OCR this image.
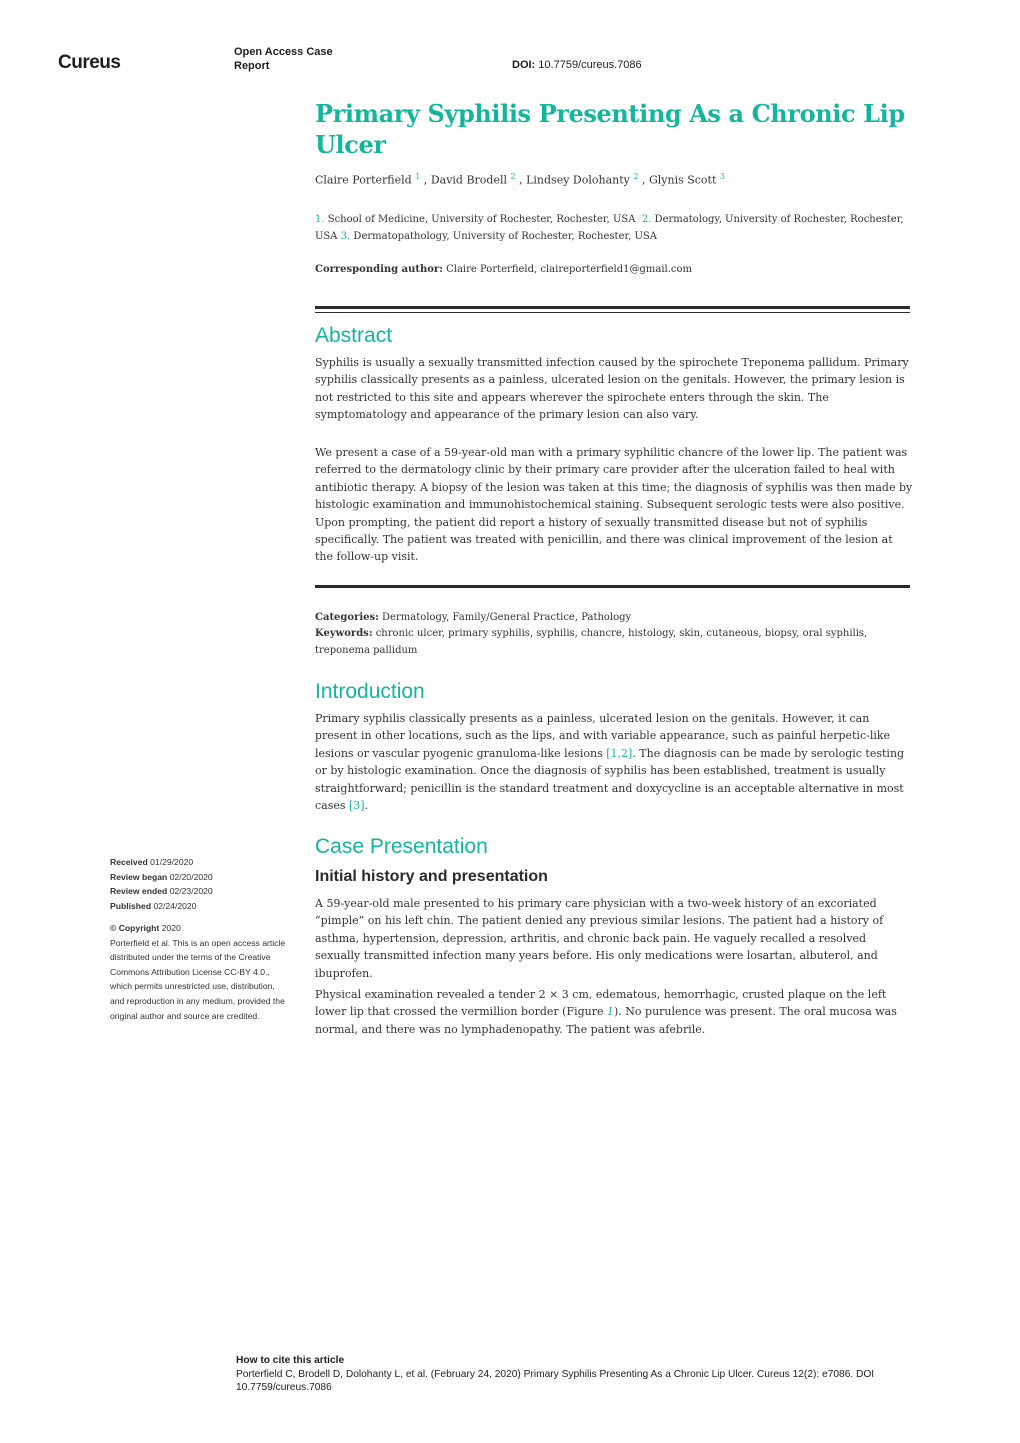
Cureus	Open Access Case
Report	DOI: 10.7759/cureus.7086
Primary Syphilis Presenting As a Chronic Lip Ulcer
Claire Porterfield $^1$ , David Brodell $^2$ , Lindsey Dolohanty $^2$ , Glynis Scott $^3$
1. School of Medicine, University of Rochester, Rochester, USA 2. Dermatology, University of Rochester, Rochester, USA 3. Dermatopathology, University of Rochester, Rochester, USA
Corresponding author: Claire Porterfield, claireporterfield1@gmail.com
Abstract
Syphilis is usually a sexually transmitted infection caused by the spirochete Treponema pallidum. Primary syphilis classically presents as a painless, ulcerated lesion on the genitals. However, the primary lesion is not restricted to this site and appears wherever the spirochete enters through the skin. The symptomatology and appearance of the primary lesion can also vary.
We present a case of a 59-year-old man with a primary syphilitic chancre of the lower lip. The patient was referred to the dermatology clinic by their primary care provider after the ulceration failed to heal with antibiotic therapy. A biopsy of the lesion was taken at this time; the diagnosis of syphilis was then made by histologic examination and immunohistochemical staining. Subsequent serologic tests were also positive. Upon prompting, the patient did report a history of sexually transmitted disease but not of syphilis specifically. The patient was treated with penicillin, and there was clinical improvement of the lesion at the follow-up visit.
Categories: Dermatology, Family/General Practice, Pathology
Keywords: chronic ulcer, primary syphilis, syphilis, chancre, histology, skin, cutaneous, biopsy, oral syphilis, treponema pallidum
Introduction
Primary syphilis classically presents as a painless, ulcerated lesion on the genitals. However, it can present in other locations, such as the lips, and with variable appearance, such as painful herpetic-like lesions or vascular pyogenic granuloma-like lesions [1,2]. The diagnosis can be made by serologic testing or by histologic examination. Once the diagnosis of syphilis has been established, treatment is usually straightforward; penicillin is the standard treatment and doxycycline is an acceptable alternative in most cases [3].
Case Presentation
Initial history and presentation
A 59-year-old male presented to his primary care physician with a two-week history of an excoriated “pimple” on his left chin. The patient denied any previous similar lesions. The patient had a history of asthma, hypertension, depression, arthritis, and chronic back pain. He vaguely recalled a resolved sexually transmitted infection many years before. His only medications were losartan, albuterol, and ibuprofen.
Physical examination revealed a tender 2 × 3 cm, edematous, hemorrhagic, crusted plaque on the left lower lip that crossed the vermillion border (Figure 1). No purulence was present. The oral mucosa was normal, and there was no lymphadenopathy. The patient was afebrile.
Received 01/29/2020
Review began 02/20/2020
Review ended 02/23/2020
Published 02/24/2020
© Copyright 2020
Porterfield et al. This is an open access article distributed under the terms of the Creative Commons Attribution License CC-BY 4.0., which permits unrestricted use, distribution, and reproduction in any medium, provided the original author and source are credited.
How to cite this article
Porterfield C, Brodell D, Dolohanty L, et al. (February 24, 2020) Primary Syphilis Presenting As a Chronic Lip Ulcer. Cureus 12(2): e7086. DOI 10.7759/cureus.7086
